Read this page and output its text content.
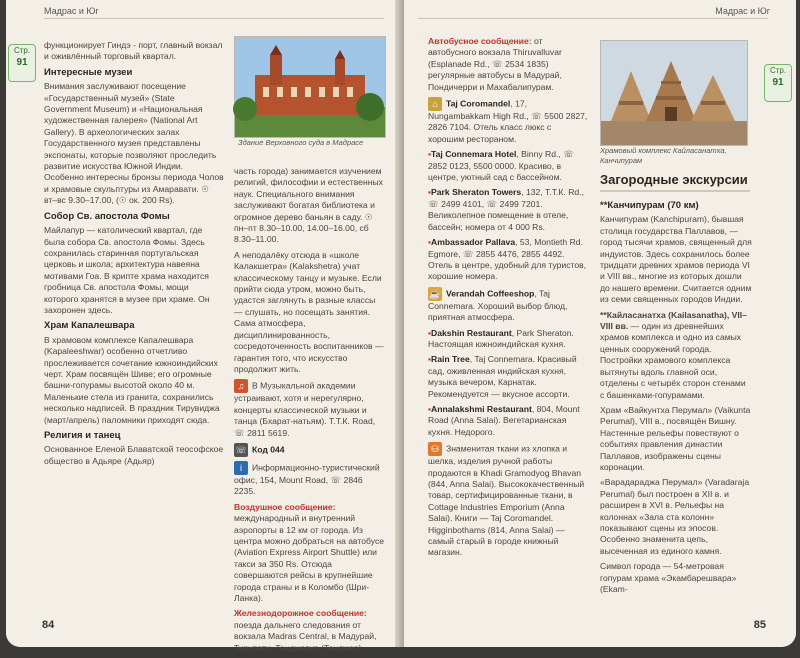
Мадрас и Юг
Стр.
91

функционирует Гиндэ - порт, главный вокзал и оживлённый торговый квартал.

Интересные музеи

Внимания заслуживают посещение «Государственный музей» (State Government Museum) и «Национальная художественная галерея» (National Art Gallery). В археологических залах Государственного музея представлены экспонаты, которые позволяют проследить развитие искусства Южной Индии. Особенно интересны бронзы периода Чолов и храмовые скульптуры из Амаравати. ☉ вт–вс 9.30–17.00, (☉ ок. 200 Rs).

Собор Св. апостола Фомы

Майлапур — католический квартал, где была собора Св. апостола Фомы. Здесь сохранилась старинная португальская церковь и школа; архитектура навеяна мотивами Гоа. В крипте храма находится гробница Св. апостола Фомы, мощи которого хранятся в музее при храме. Он захоронен здесь.

Храм Капалешвара

В храмовом комплексе Капалешвара (Kapaleeshwar) особенно отчетливо прослеживается сочетание южноиндийских черт. Храм посвящён Шиве; его огромные башни-гопурамы высотой около 40 м. Маленькие стела из гранита, сохранились несколько надписей. В праздник Тирувиджа (март/апрель) паломники приходят сюда.

Религия и танец

Основанное Еленой Блаватской теософское общество в Адьяре (Адьяр)

Здание Верховного суда в Мадрасе

часть города) занимается изучением религий, философии и естественных наук. Специального внимания заслуживают богатая библиотека и огромное дерево баньян в саду. ☉ пн–пт 8.30–10.00, 14.00–16.00, сб 8.30–11.00.

А неподалёку отсюда в «школе Калакшетра» (Kalakshetra) учат классическому танцу и музыке. Если прийти сюда утром, можно быть, удастся заглянуть в разные классы — слушать, но посещать занятия. Сама атмосфера, дисциплинированность, сосредоточенность воспитанников — гарантия того, что искусство продолжит жить.

♫ В Музыкальной академии устраивают, хотя и нерегулярно, концерты классической музыки и танца (Бхарат-натьям). Т.Т.К. Road, ☏ 2811 5619.

☏ Код 044

i Информационно-туристический офис, 154, Mount Road, ☏ 2846 2235.

Воздушное сообщение: международный и внутренний аэропорты в 12 км от города. Из центра можно добраться на автобусе (Aviation Express Airport Shuttle) или такси за 350 Rs. Отсюда совершаются рейсы в крупнейшие города страны и в Коломбо (Шри-Ланка).

Железнодорожное сообщение: поезда дальнего следования от вокзала Madras Central, в Мадурай, Тирупати, Танджавур (Танджор).

84
Мадрас и Юг
Стр.
91

Автобусное сообщение: от автобусного вокзала Thiruvalluvar (Esplanade Rd., ☏ 2534 1835) регулярные автобусы в Мадурай, Пондичерри и Махабалипурам.

⌂ Taj Coromandel, 17, Nungambakkam High Rd., ☏ 5500 2827, 2826 7104. Отель класс люкс с хорошим рестораном.

▪Taj Connemara Hotel, Binny Rd., ☏ 2852 0123, 5500 0000. Красиво, в центре, уютный сад с бассейном.

▪Park Sheraton Towers, 132, Т.Т.К. Rd., ☏ 2499 4101, ☏ 2499 7201. Великолепное помещение в отеле, бассейн; номера от 4 000 Rs.

▪Ambassador Pallava, 53, Montieth Rd. Egmore, ☏ 2855 4476, 2855 4492. Отель в центре, удобный для туристов, хорошие номера.

☕ Verandah Coffeeshop, Taj Connemara. Хороший выбор блюд, приятная атмосфера.

▪Dakshin Restaurant, Park Sheraton. Настоящая южноиндийская кухня.

▪Rain Tree, Taj Connemara. Красивый сад, оживленная индийская кухня, музыка вечером, Карнатак. Рекомендуется — вкусное ассорти.

▪Annalakshmi Restaurant, 804, Mount Road (Anna Salai). Вегетарианская кухня. Недорого.

⛁ Знаменитая ткани из хлопка и шелка, изделия ручной работы продаются в Khadi Gramodyog Bhavan (844, Anna Salai). Высококачественный товар, сертифицированные ткани, в Cottage Industries Emporium (Anna Salai). Книги — Taj Coromandel. Higginbothams (814, Anna Salai) — самый старый в городе книжный магазин.

Храмовый комплекс Кайласанатха, Канчипурам
Загородные экскурсии
**Канчипурам (70 км)

Канчипурам (Kanchipuram), бывшая столица государства Паллавов, — город тысячи храмов, священный для индуистов. Здесь сохранилось более тридцати древних храмов периода VI и VIII вв., многие из которых дошли до нашего времени. Считается одним из семи священных городов Индии.

**Кайласанатха (Kailasanatha), VII–VIII вв. — один из древнейших храмов комплекса и одно из самых ценных сооружений города. Постройки храмового комплекса вытянуты вдоль главной оси, отделены с четырёх сторон стенами с башенками-гопурамами.

Храм «Вайкунтха Перумал» (Vaikunta Perumal), VIII в., посвящён Вишну. Настенные рельефы повествуют о событиях правления династии Паллавов, изображены сцены коронации.

«Варадараджа Перумал» (Varadaraja Perumal) был построен в XII в. и расширен в XVI в. Рельефы на колоннах «Зала ста колонн» показывают сцены из эпосов. Особенно знаменита цепь, высеченная из единого камня.

Символ города — 54-метровая гопурам храма «Экамбарешвара» (Ekam-

85
